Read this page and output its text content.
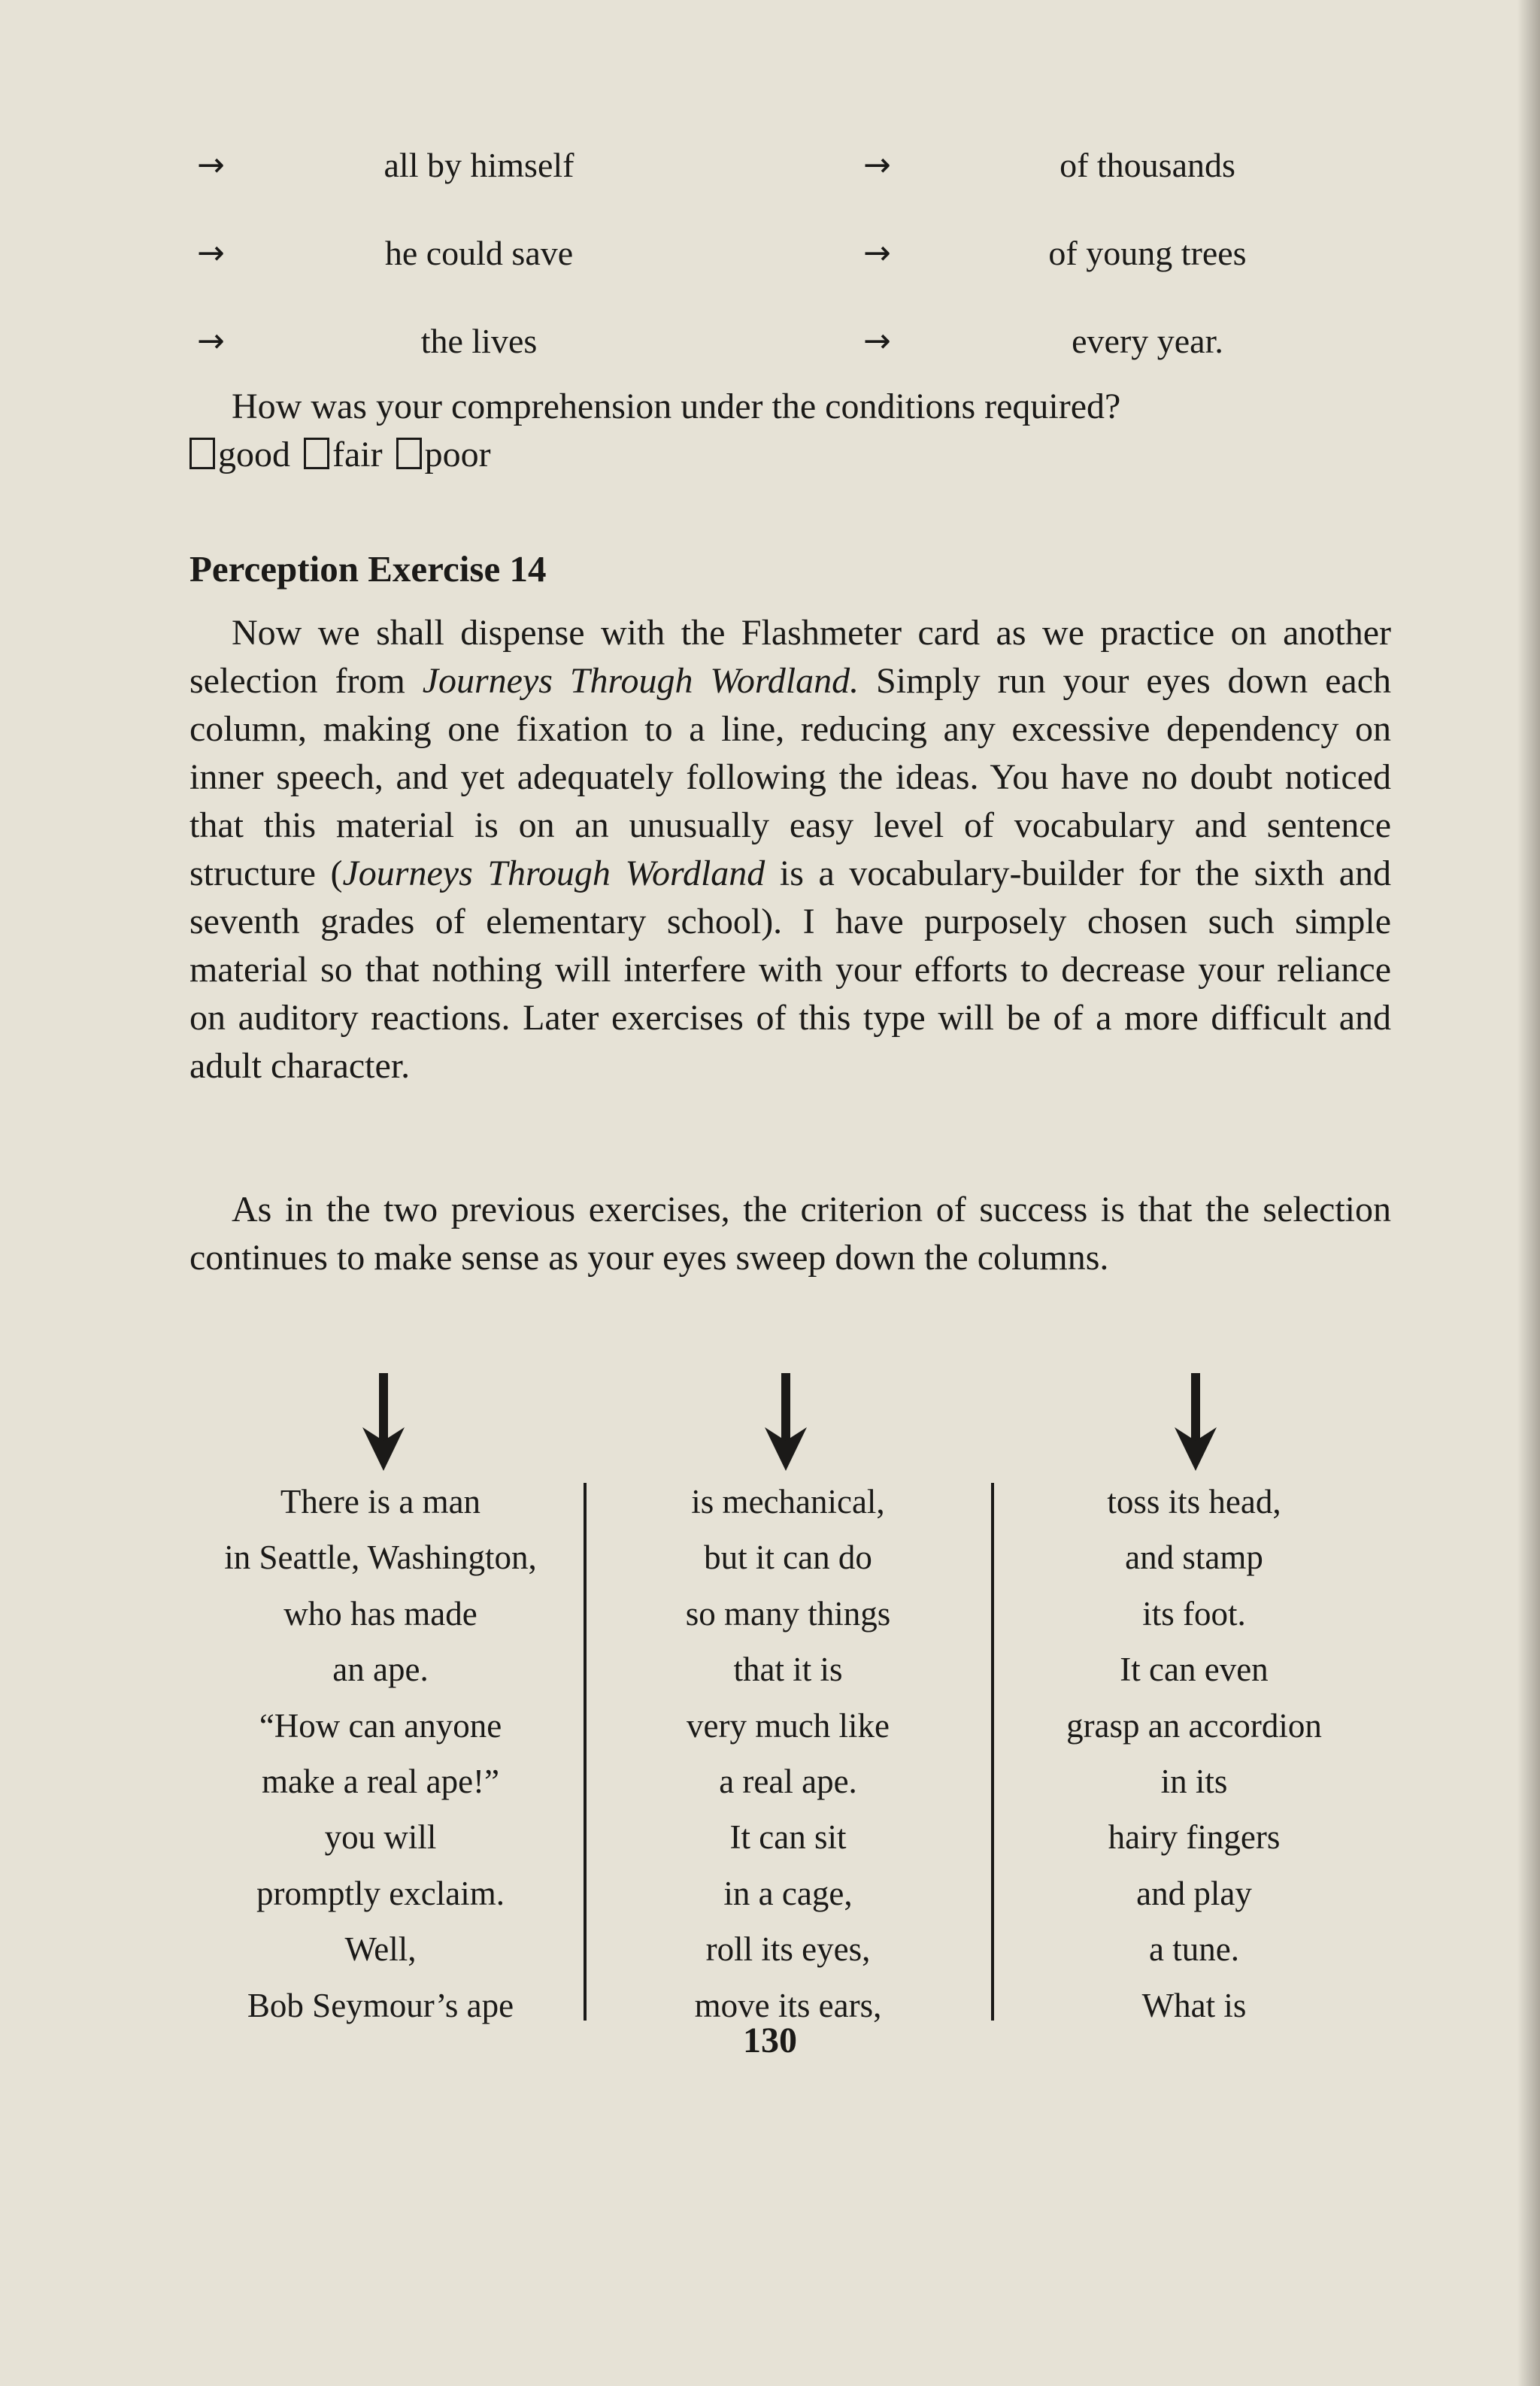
→	all by himself	→	of thousands
→	he could save	→	of young trees
→	the lives	→	every year.
How was your comprehension under the conditions required?
good fair poor
Perception Exercise 14
Now we shall dispense with the Flashmeter card as we practice on another selection from Journeys Through Wordland. Simply run your eyes down each column, making one fixation to a line, reducing any excessive dependency on inner speech, and yet adequately following the ideas. You have no doubt noticed that this material is on an unusually easy level of vocabulary and sentence structure (Journeys Through Wordland is a vocabulary-builder for the sixth and seventh grades of elementary school). I have purposely chosen such simple material so that nothing will interfere with your efforts to decrease your reliance on auditory reactions. Later exercises of this type will be of a more difficult and adult character.
As in the two previous exercises, the criterion of success is that the selection continues to make sense as your eyes sweep down the columns.
There is a man
in Seattle, Washington,
who has made
an ape.
“How can anyone
make a real ape!”
you will
promptly exclaim.
Well,
Bob Seymour’s ape
is mechanical,
but it can do
so many things
that it is
very much like
a real ape.
It can sit
in a cage,
roll its eyes,
move its ears,
toss its head,
and stamp
its foot.
It can even
grasp an accordion
in its
hairy fingers
and play
a tune.
What is
130
